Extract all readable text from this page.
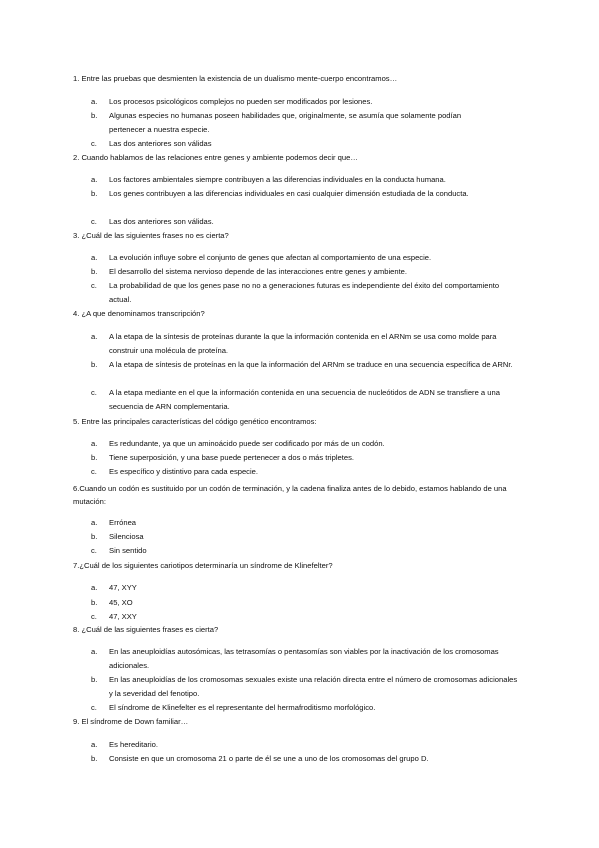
1. Entre las pruebas que desmienten la existencia de un dualismo mente-cuerpo encontramos…
a. Los procesos psicológicos complejos no pueden ser modificados por lesiones.
b. Algunas especies no humanas poseen habilidades que, originalmente, se asumía que solamente podían pertenecer a nuestra especie.
c. Las dos anteriores son válidas
2. Cuando hablamos de las relaciones entre genes y ambiente podemos decir que…
a. Los factores ambientales siempre contribuyen a las diferencias individuales en la conducta humana.
b. Los genes contribuyen a las diferencias individuales en casi cualquier dimensión estudiada de la conducta.
c. Las dos anteriores son válidas.
3. ¿Cuál de las siguientes frases no es cierta?
a. La evolución influye sobre el conjunto de genes que afectan al comportamiento de una especie.
b. El desarrollo del sistema nervioso depende de las interacciones entre genes y ambiente.
c. La probabilidad de que los genes pase no no a generaciones futuras es independiente del éxito del comportamiento actual.
4. ¿A que denominamos transcripción?
a. A la etapa de la síntesis de proteínas durante la que la información contenida en el ARNm se usa como molde para construir una molécula de proteína.
b. A la etapa de síntesis de proteínas en la que la información del ARNm se traduce en una secuencia específica de ARNr.
c. A la etapa mediante en el que la información contenida en una secuencia de nucleótidos de ADN se transfiere a una secuencia de ARN complementaria.
5. Entre las principales características del código genético encontramos:
a. Es redundante, ya que un aminoácido puede ser codificado por más de un codón.
b. Tiene superposición, y una base puede pertenecer a dos o más tripletes.
c. Es específico y distintivo para cada especie.
6.Cuando un codón es sustituido por un codón de terminación, y la cadena finaliza antes de lo debido, estamos hablando de una mutación:
a. Errónea
b. Silenciosa
c. Sin sentido
7.¿Cuál de los siguientes cariotipos determinaría un síndrome de Klinefelter?
a. 47, XYY
b. 45, XO
c. 47, XXY
8. ¿Cuál de las siguientes frases es cierta?
a. En las aneuploidías autosómicas, las tetrasomías o pentasomías son viables por la inactivación de los cromosomas adicionales.
b. En las aneuploidías de los cromosomas sexuales existe una relación directa entre el número de cromosomas adicionales y la severidad del fenotipo.
c. El síndrome de Klinefelter es el representante del hermafroditismo morfológico.
9. El síndrome de Down familiar…
a. Es hereditario.
b. Consiste en que un cromosoma 21 o parte de él se une a uno de los cromosomas del grupo D.
